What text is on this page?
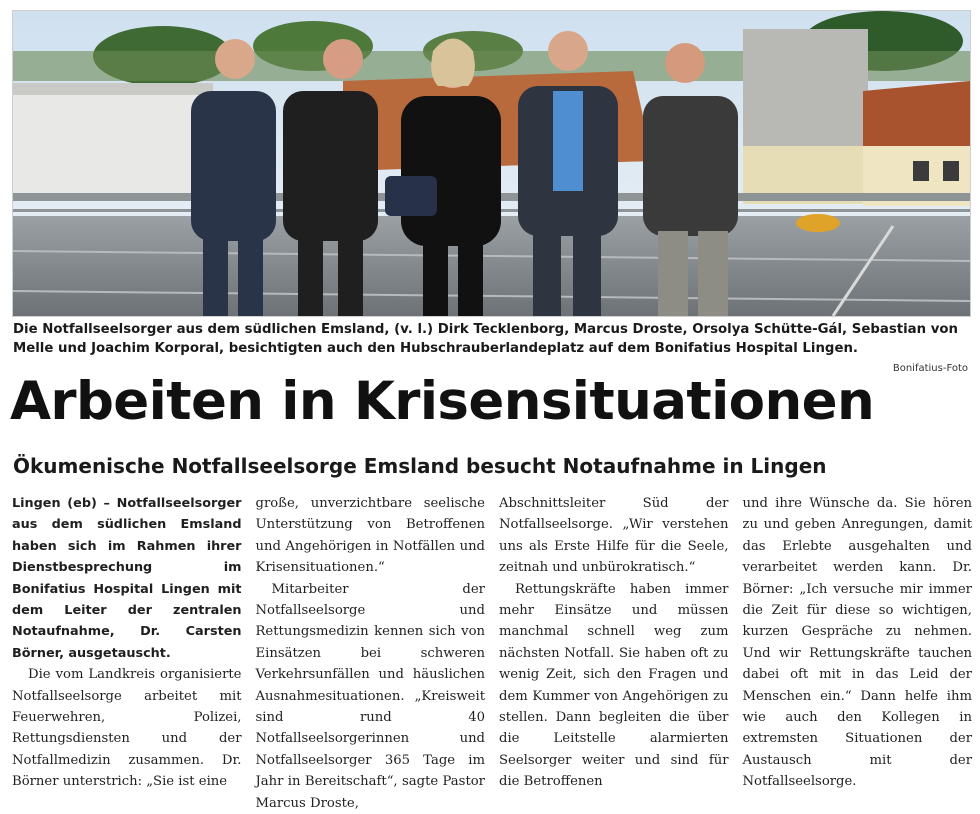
Die Notfallseelsorger aus dem südlichen Emsland, (v. l.) Dirk Tecklenborg, Marcus Droste, Orsolya Schütte-Gál, Sebastian von Melle und Joachim Korporal, besichtigten auch den Hubschrauberlandeplatz auf dem Bonifatius Hospital Lingen.
Bonifatius-Foto
Arbeiten in Krisensituationen
Ökumenische Notfallseelsorge Emsland besucht Notaufnahme in Lingen

Lingen (eb) – Notfallseelsorger aus dem südlichen Emsland haben sich im Rahmen ihrer Dienstbesprechung im Bonifatius Hospital Lingen mit dem Leiter der zentralen Notaufnahme, Dr. Carsten Börner, ausgetauscht.

Die vom Landkreis organisierte Notfallseelsorge arbeitet mit Feuerwehren, Polizei, Rettungsdiensten und der Notfallmedizin zusammen. Dr. Börner unterstrich: „Sie ist eine

große, unverzichtbare seelische Unterstützung von Betroffenen und Angehörigen in Notfällen und Krisensituationen.“

Mitarbeiter der Notfallseelsorge und Rettungsmedizin kennen sich von Einsätzen bei schweren Verkehrsunfällen und häuslichen Ausnahmesituationen. „Kreisweit sind rund 40 Notfallseelsorgerinnen und Notfallseelsorger 365 Tage im Jahr in Bereitschaft“, sagte Pastor Marcus Droste,

Abschnittsleiter Süd der Notfallseelsorge. „Wir verstehen uns als Erste Hilfe für die Seele, zeitnah und unbürokratisch.“

Rettungskräfte haben immer mehr Einsätze und müssen manchmal schnell weg zum nächsten Notfall. Sie haben oft zu wenig Zeit, sich den Fragen und dem Kummer von Angehörigen zu stellen. Dann begleiten die über die Leitstelle alarmierten Seelsorger weiter und sind für die Betroffenen

und ihre Wünsche da. Sie hören zu und geben Anregungen, damit das Erlebte ausgehalten und verarbeitet werden kann. Dr. Börner: „Ich versuche mir immer die Zeit für diese so wichtigen, kurzen Gespräche zu nehmen. Und wir Rettungskräfte tauchen dabei oft mit in das Leid der Menschen ein.“ Dann helfe ihm wie auch den Kollegen in extremsten Situationen der Austausch mit der Notfallseelsorge.
